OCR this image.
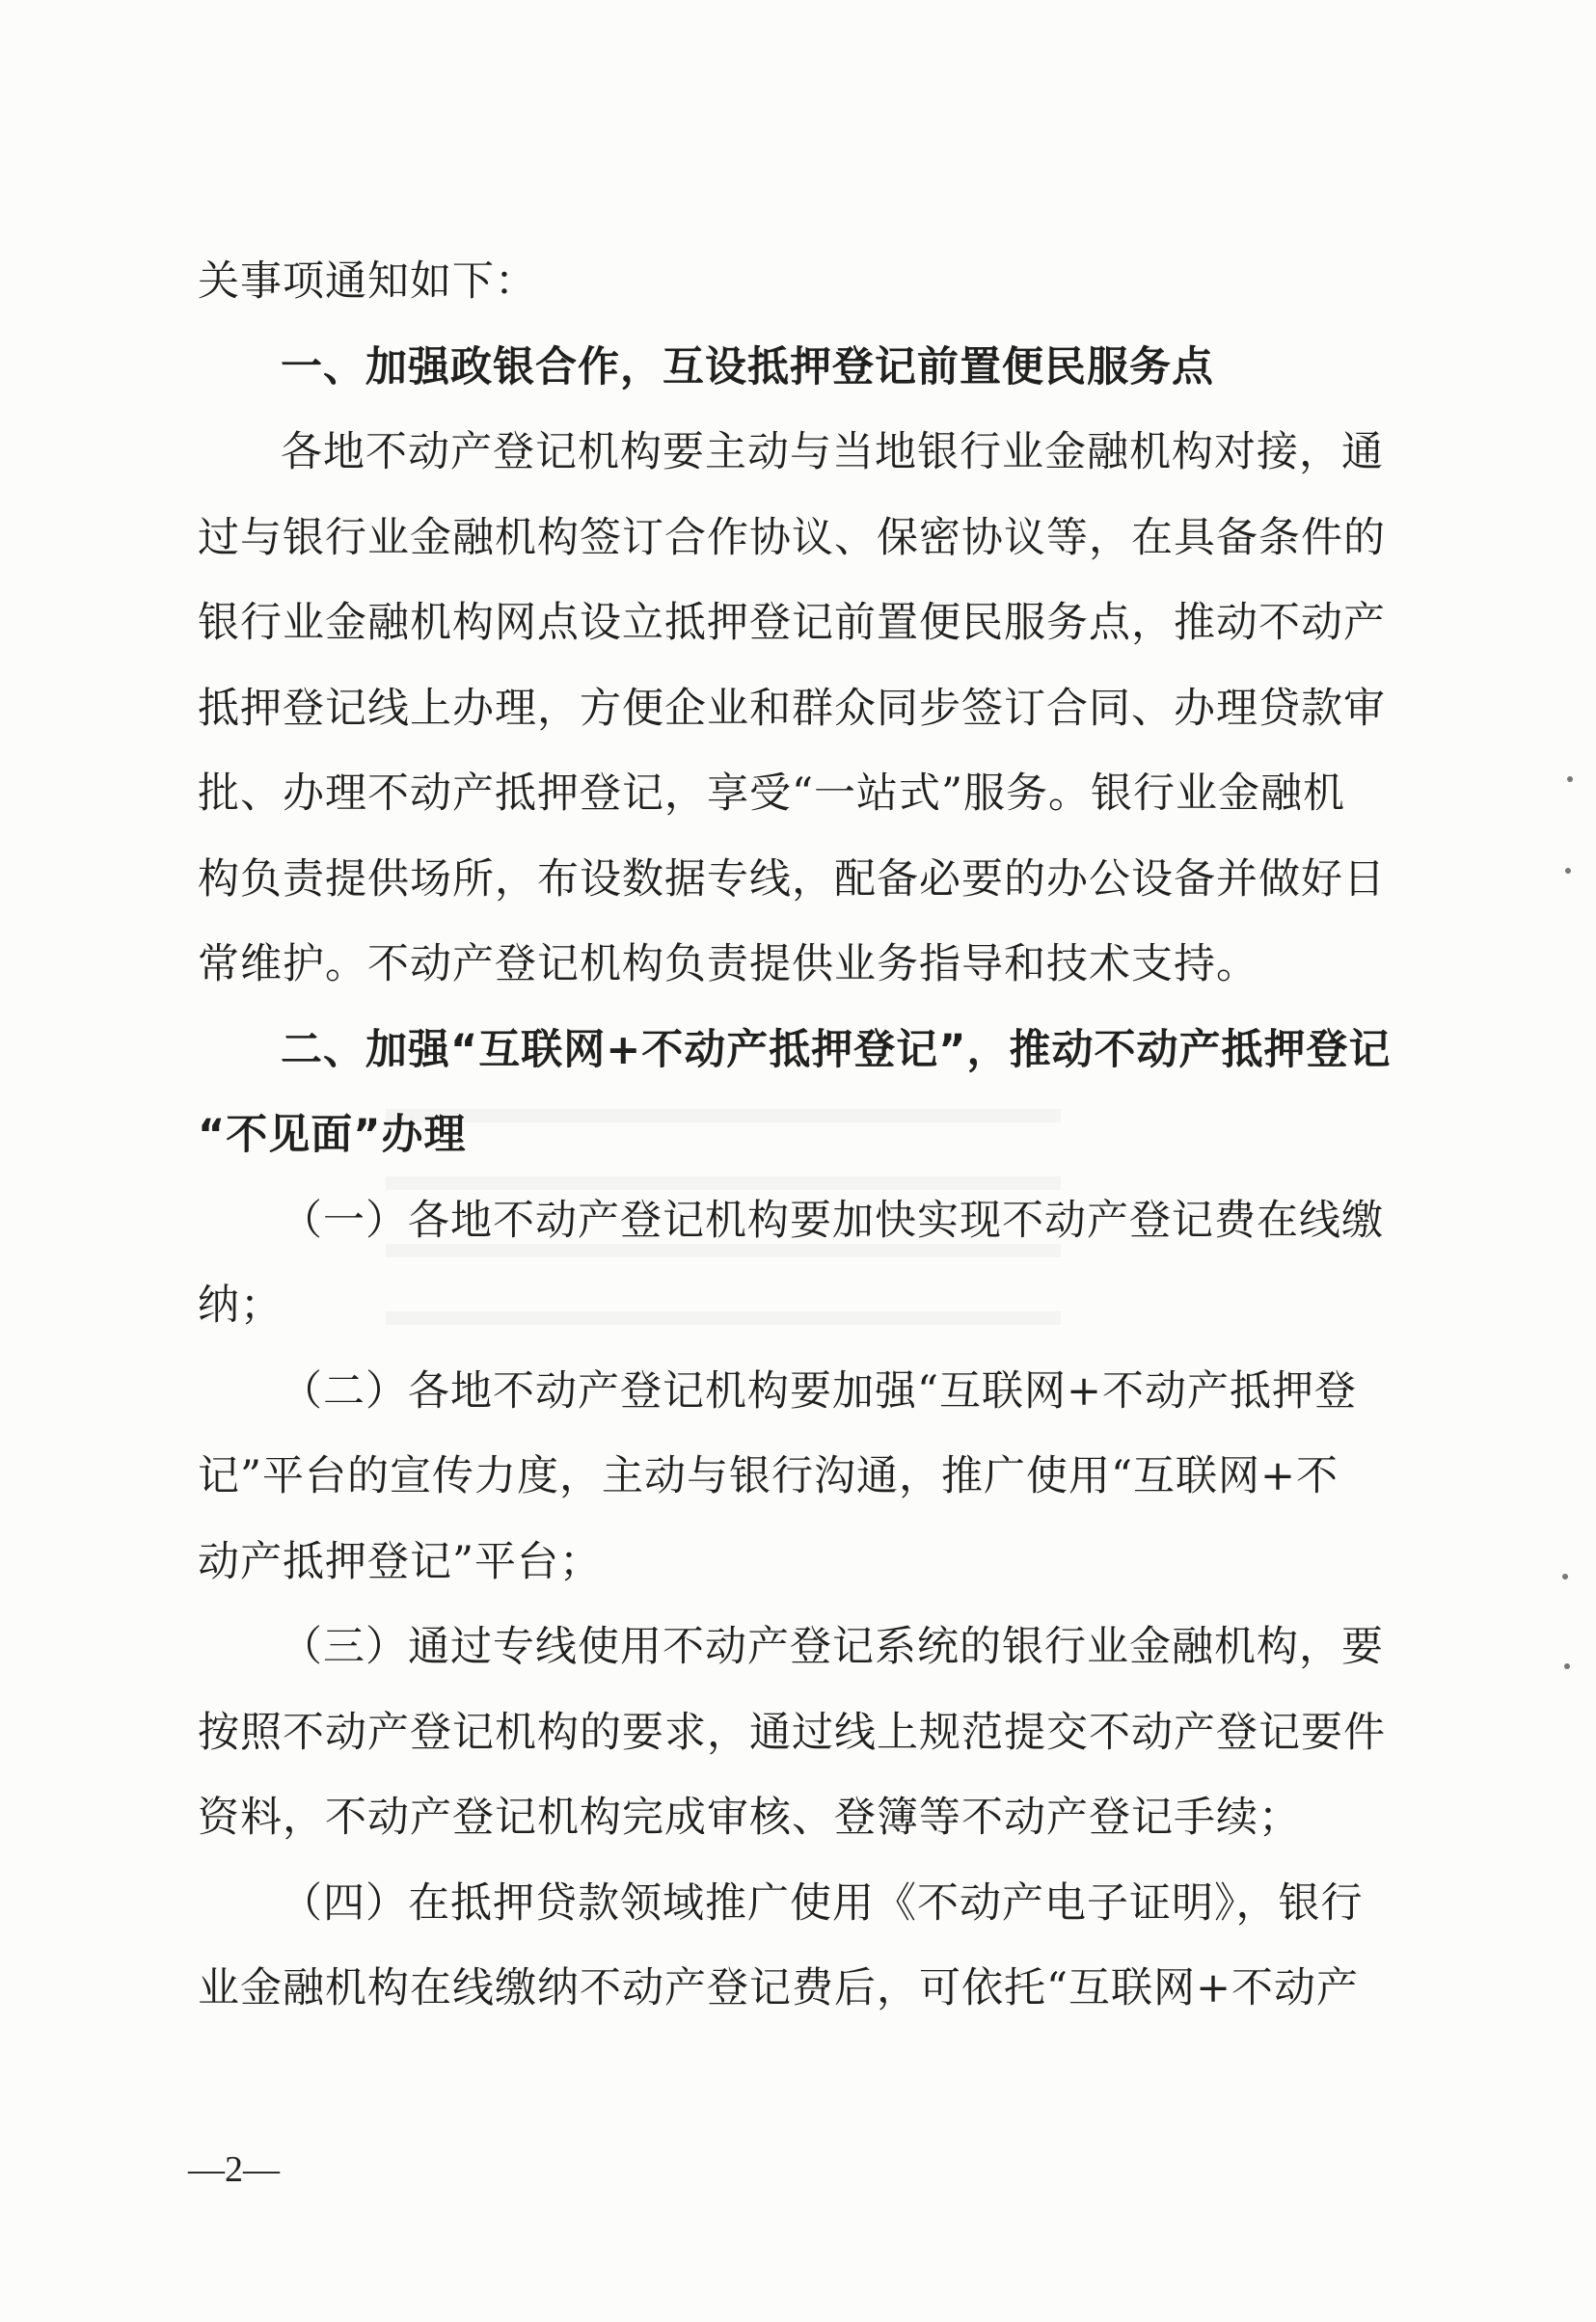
关事项通知如下：
一、加强政银合作，互设抵押登记前置便民服务点
各地不动产登记机构要主动与当地银行业金融机构对接，通
过与银行业金融机构签订合作协议、保密协议等，在具备条件的
银行业金融机构网点设立抵押登记前置便民服务点，推动不动产
抵押登记线上办理，方便企业和群众同步签订合同、办理贷款审
批、办理不动产抵押登记，享受“一站式”服务。银行业金融机
构负责提供场所，布设数据专线，配备必要的办公设备并做好日
常维护。不动产登记机构负责提供业务指导和技术支持。
二、加强“互联网+不动产抵押登记”，推动不动产抵押登记
“不见面”办理
（一）各地不动产登记机构要加快实现不动产登记费在线缴
纳；
（二）各地不动产登记机构要加强“互联网+不动产抵押登
记”平台的宣传力度，主动与银行沟通，推广使用“互联网+不
动产抵押登记”平台；
（三）通过专线使用不动产登记系统的银行业金融机构，要
按照不动产登记机构的要求，通过线上规范提交不动产登记要件
资料，不动产登记机构完成审核、登簿等不动产登记手续；
（四）在抵押贷款领域推广使用《不动产电子证明》，银行
业金融机构在线缴纳不动产登记费后，可依托“互联网+不动产
—2—
